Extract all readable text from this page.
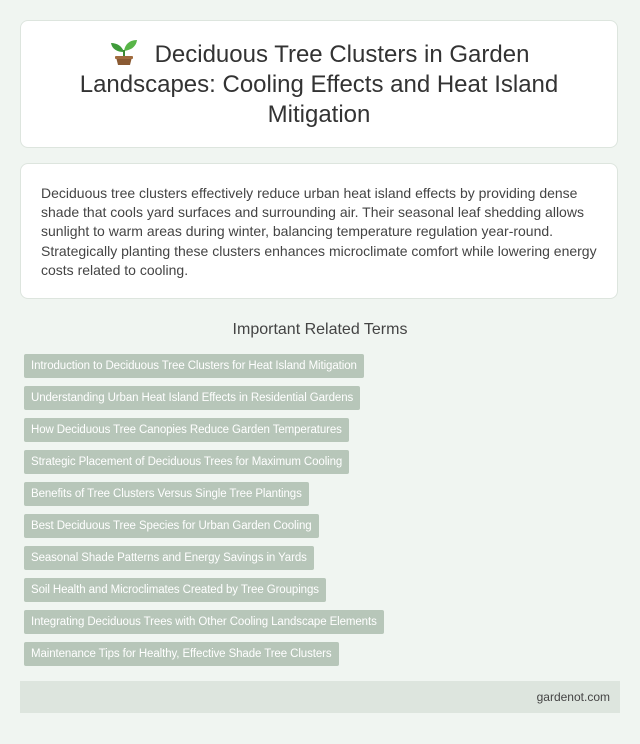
Deciduous Tree Clusters in Garden Landscapes: Cooling Effects and Heat Island Mitigation

Deciduous tree clusters effectively reduce urban heat island effects by providing dense shade that cools yard surfaces and surrounding air. Their seasonal leaf shedding allows sunlight to warm areas during winter, balancing temperature regulation year-round. Strategically planting these clusters enhances microclimate comfort while lowering energy costs related to cooling.

Important Related Terms
Introduction to Deciduous Tree Clusters for Heat Island Mitigation
Understanding Urban Heat Island Effects in Residential Gardens
How Deciduous Tree Canopies Reduce Garden Temperatures
Strategic Placement of Deciduous Trees for Maximum Cooling
Benefits of Tree Clusters Versus Single Tree Plantings
Best Deciduous Tree Species for Urban Garden Cooling
Seasonal Shade Patterns and Energy Savings in Yards
Soil Health and Microclimates Created by Tree Groupings
Integrating Deciduous Trees with Other Cooling Landscape Elements
Maintenance Tips for Healthy, Effective Shade Tree Clusters
gardenot.com
